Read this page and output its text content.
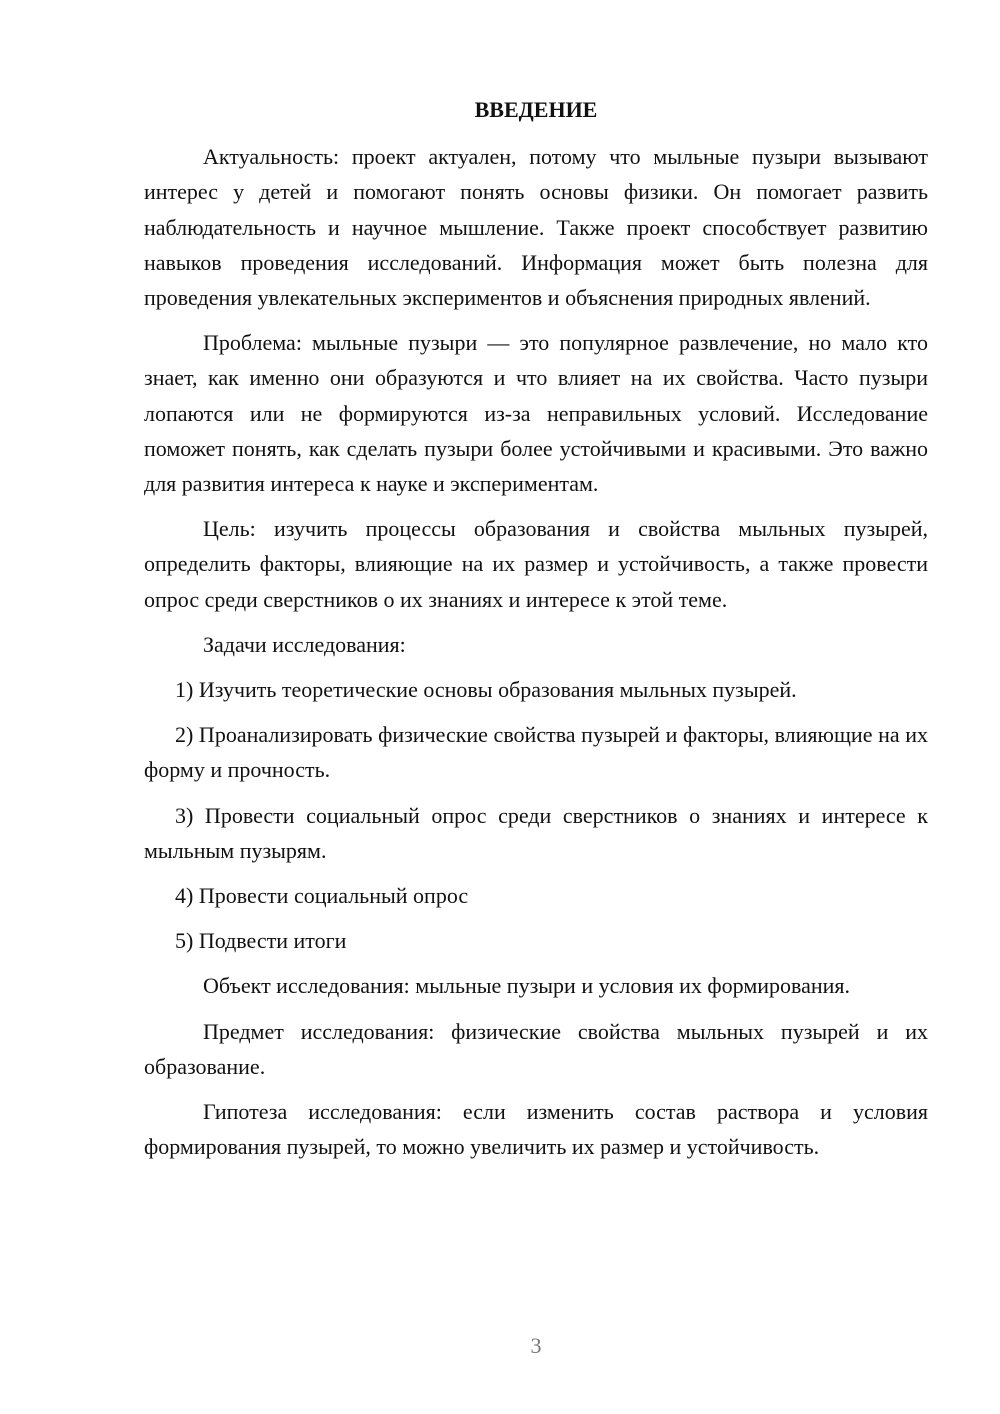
ВВЕДЕНИЕ

Актуальность: проект актуален, потому что мыльные пузыри вызывают интерес у детей и помогают понять основы физики. Он помогает развить наблюдательность и научное мышление. Также проект способствует развитию навыков проведения исследований. Информация может быть полезна для проведения увлекательных экспериментов и объяснения природных явлений.

Проблема: мыльные пузыри — это популярное развлечение, но мало кто знает, как именно они образуются и что влияет на их свойства. Часто пузыри лопаются или не формируются из-за неправильных условий. Исследование поможет понять, как сделать пузыри более устойчивыми и красивыми. Это важно для развития интереса к науке и экспериментам.

Цель: изучить процессы образования и свойства мыльных пузырей, определить факторы, влияющие на их размер и устойчивость, а также провести опрос среди сверстников о их знаниях и интересе к этой теме.

Задачи исследования:

1) Изучить теоретические основы образования мыльных пузырей.

2) Проанализировать физические свойства пузырей и факторы, влияющие на их форму и прочность.

3) Провести социальный опрос среди сверстников о знаниях и интересе к мыльным пузырям.

4) Провести социальный опрос

5) Подвести итоги

Объект исследования: мыльные пузыри и условия их формирования.

Предмет исследования: физические свойства мыльных пузырей и их образование.

Гипотеза исследования: если изменить состав раствора и условия формирования пузырей, то можно увеличить их размер и устойчивость.

3
